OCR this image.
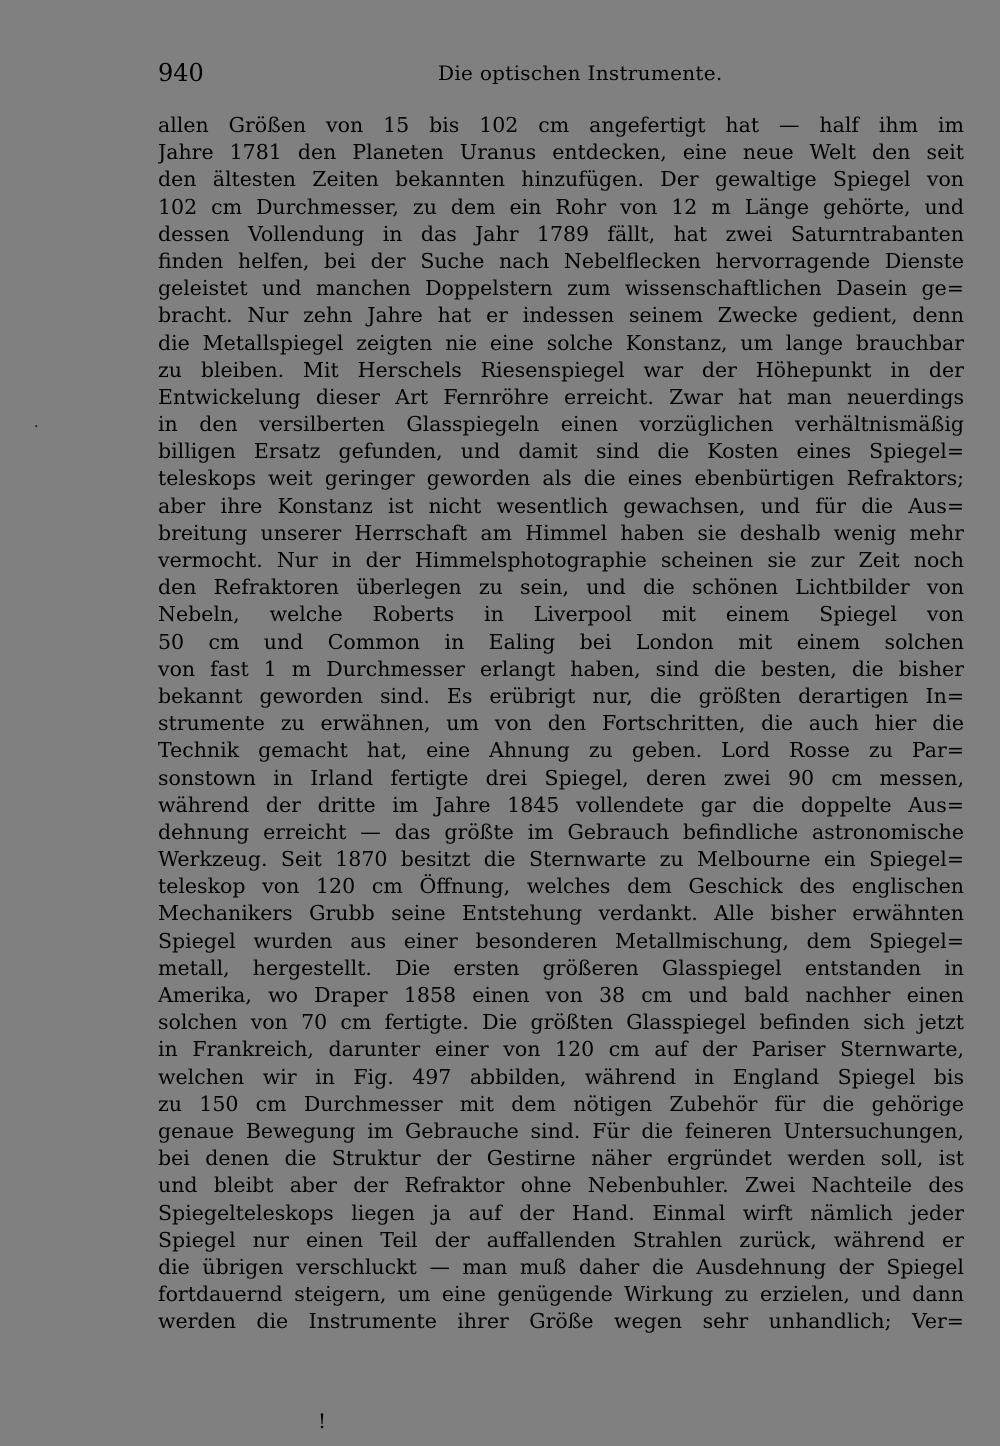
940	Die optischen Instrumente.
allen Größen von 15 bis 102 cm angefertigt hat — half ihm im
Jahre 1781 den Planeten Uranus entdecken, eine neue Welt den seit
den ältesten Zeiten bekannten hinzufügen. Der gewaltige Spiegel von
102 cm Durchmesser, zu dem ein Rohr von 12 m Länge gehörte, und
dessen Vollendung in das Jahr 1789 fällt, hat zwei Saturntrabanten
finden helfen, bei der Suche nach Nebelflecken hervorragende Dienste
geleistet und manchen Doppelstern zum wissenschaftlichen Dasein ge=
bracht. Nur zehn Jahre hat er indessen seinem Zwecke gedient, denn
die Metallspiegel zeigten nie eine solche Konstanz, um lange brauchbar
zu bleiben. Mit Herschels Riesenspiegel war der Höhepunkt in der
Entwickelung dieser Art Fernröhre erreicht. Zwar hat man neuerdings
in den versilberten Glasspiegeln einen vorzüglichen verhältnismäßig
billigen Ersatz gefunden, und damit sind die Kosten eines Spiegel=
teleskops weit geringer geworden als die eines ebenbürtigen Refraktors;
aber ihre Konstanz ist nicht wesentlich gewachsen, und für die Aus=
breitung unserer Herrschaft am Himmel haben sie deshalb wenig mehr
vermocht. Nur in der Himmelsphotographie scheinen sie zur Zeit noch
den Refraktoren überlegen zu sein, und die schönen Lichtbilder von
Nebeln, welche Roberts in Liverpool mit einem Spiegel von
50 cm und Common in Ealing bei London mit einem solchen
von fast 1 m Durchmesser erlangt haben, sind die besten, die bisher
bekannt geworden sind. Es erübrigt nur, die größten derartigen In=
strumente zu erwähnen, um von den Fortschritten, die auch hier die
Technik gemacht hat, eine Ahnung zu geben. Lord Rosse zu Par=
sonstown in Irland fertigte drei Spiegel, deren zwei 90 cm messen,
während der dritte im Jahre 1845 vollendete gar die doppelte Aus=
dehnung erreicht — das größte im Gebrauch befindliche astronomische
Werkzeug. Seit 1870 besitzt die Sternwarte zu Melbourne ein Spiegel=
teleskop von 120 cm Öffnung, welches dem Geschick des englischen
Mechanikers Grubb seine Entstehung verdankt. Alle bisher erwähnten
Spiegel wurden aus einer besonderen Metallmischung, dem Spiegel=
metall, hergestellt. Die ersten größeren Glasspiegel entstanden in
Amerika, wo Draper 1858 einen von 38 cm und bald nachher einen
solchen von 70 cm fertigte. Die größten Glasspiegel befinden sich jetzt
in Frankreich, darunter einer von 120 cm auf der Pariser Sternwarte,
welchen wir in Fig. 497 abbilden, während in England Spiegel bis
zu 150 cm Durchmesser mit dem nötigen Zubehör für die gehörige
genaue Bewegung im Gebrauche sind. Für die feineren Untersuchungen,
bei denen die Struktur der Gestirne näher ergründet werden soll, ist
und bleibt aber der Refraktor ohne Nebenbuhler. Zwei Nachteile des
Spiegelteleskops liegen ja auf der Hand. Einmal wirft nämlich jeder
Spiegel nur einen Teil der auffallenden Strahlen zurück, während er
die übrigen verschluckt — man muß daher die Ausdehnung der Spiegel
fortdauernd steigern, um eine genügende Wirkung zu erzielen, und dann
werden die Instrumente ihrer Größe wegen sehr unhandlich; Ver=
·
!
